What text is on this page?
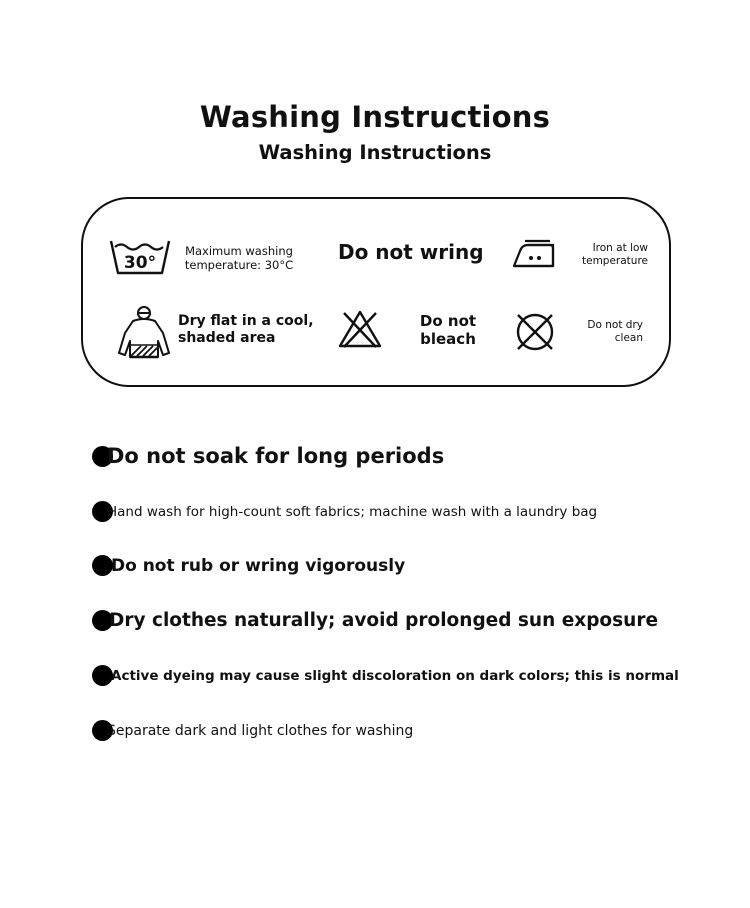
Washing Instructions
Washing Instructions
30°
Maximum washing temperature: 30°C
Do not wring	Iron at low temperature
Dry flat in a cool, shaded area
Do not bleach
Do not dry clean
Do not soak for long periods
Hand wash for high-count soft fabrics; machine wash with a laundry bag
Do not rub or wring vigorously
Dry clothes naturally; avoid prolonged sun exposure
Active dyeing may cause slight discoloration on dark colors; this is normal
Separate dark and light clothes for washing
